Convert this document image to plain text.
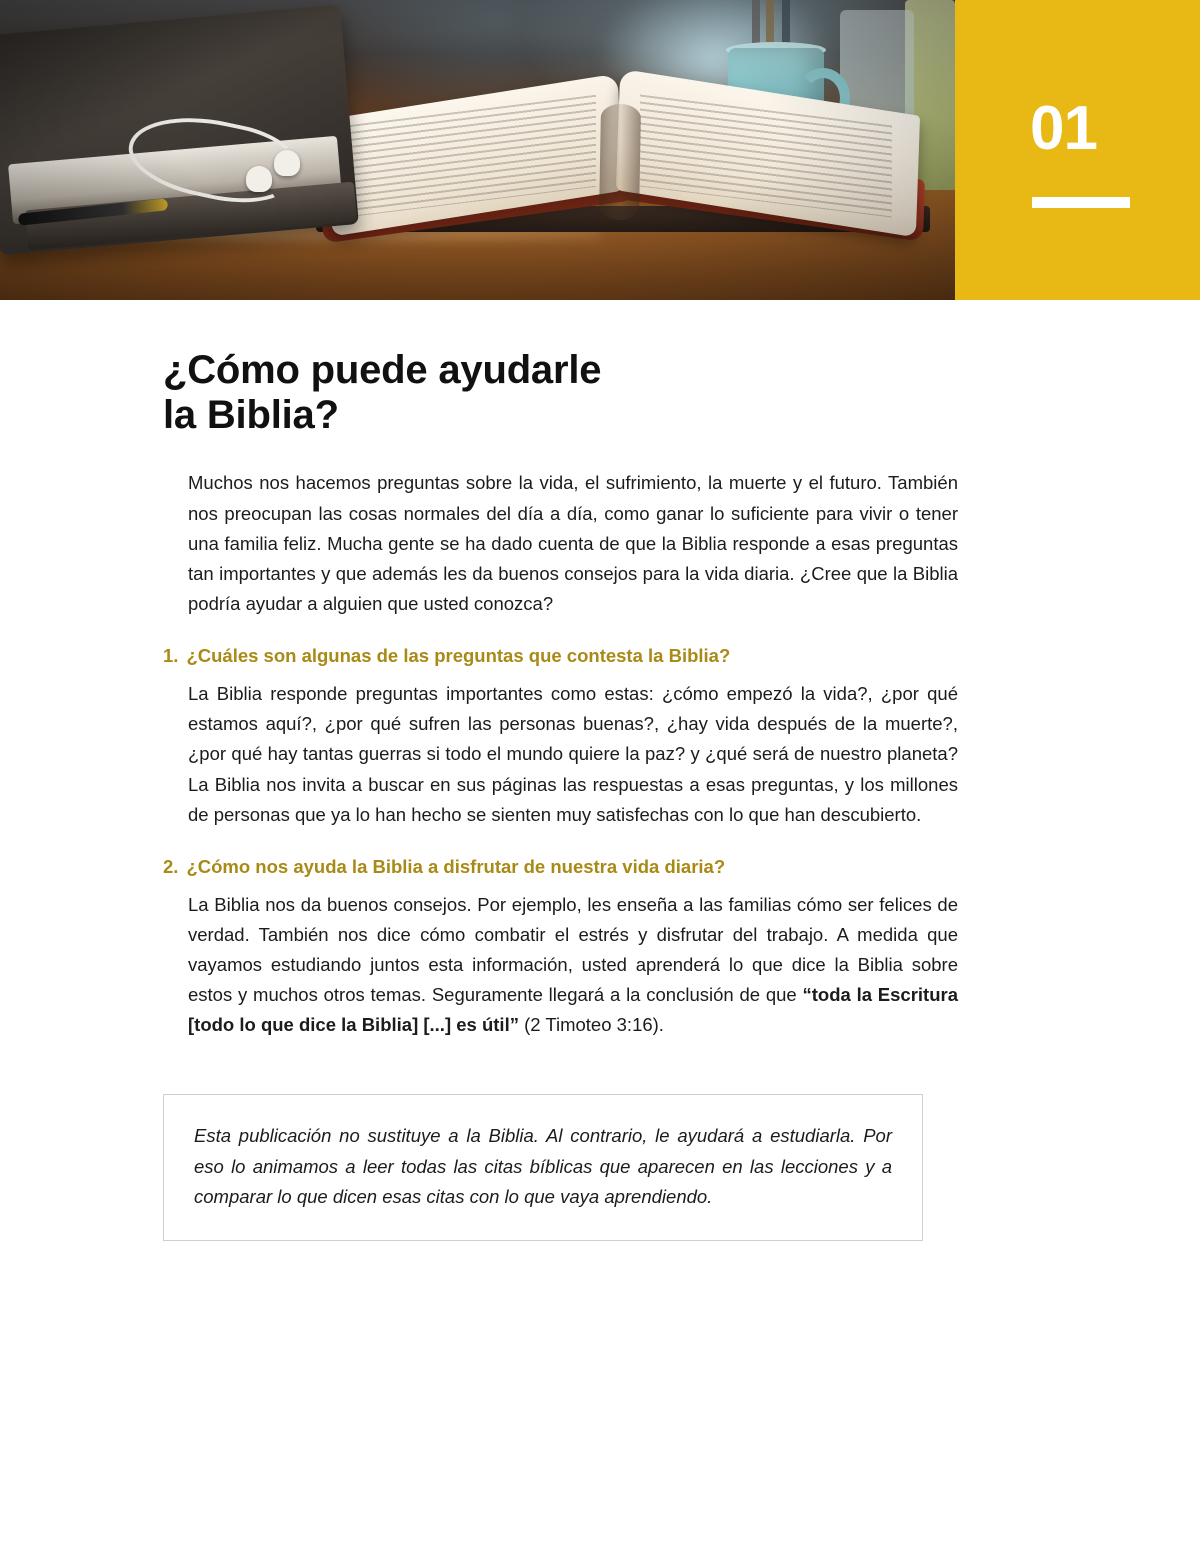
01
¿Cómo puede ayudarle
la Biblia?

Muchos nos hacemos preguntas sobre la vida, el sufrimiento, la muerte y el futuro. También nos preocupan las cosas normales del día a día, como ganar lo suficiente para vivir o tener una familia feliz. Mucha gente se ha dado cuenta de que la Biblia responde a esas preguntas tan importantes y que además les da buenos consejos para la vida diaria. ¿Cree que la Biblia podría ayudar a alguien que usted conozca?

1. ¿Cuáles son algunas de las preguntas que contesta la Biblia?

La Biblia responde preguntas importantes como estas: ¿cómo empezó la vida?, ¿por qué estamos aquí?, ¿por qué sufren las personas buenas?, ¿hay vida después de la muerte?, ¿por qué hay tantas guerras si todo el mundo quiere la paz? y ¿qué será de nuestro planeta? La Biblia nos invita a buscar en sus páginas las respuestas a esas preguntas, y los millones de personas que ya lo han hecho se sienten muy satisfechas con lo que han descubierto.

2. ¿Cómo nos ayuda la Biblia a disfrutar de nuestra vida diaria?

La Biblia nos da buenos consejos. Por ejemplo, les enseña a las familias cómo ser felices de verdad. También nos dice cómo combatir el estrés y disfrutar del trabajo. A medida que vayamos estudiando juntos esta información, usted aprenderá lo que dice la Biblia sobre estos y muchos otros temas. Seguramente llegará a la conclusión de que “toda la Escritura [todo lo que dice la Biblia] [...] es útil” (2 Timoteo 3:16).

Esta publicación no sustituye a la Biblia. Al contrario, le ayudará a estudiarla. Por eso lo animamos a leer todas las citas bíblicas que aparecen en las lecciones y a comparar lo que dicen esas citas con lo que vaya aprendiendo.
